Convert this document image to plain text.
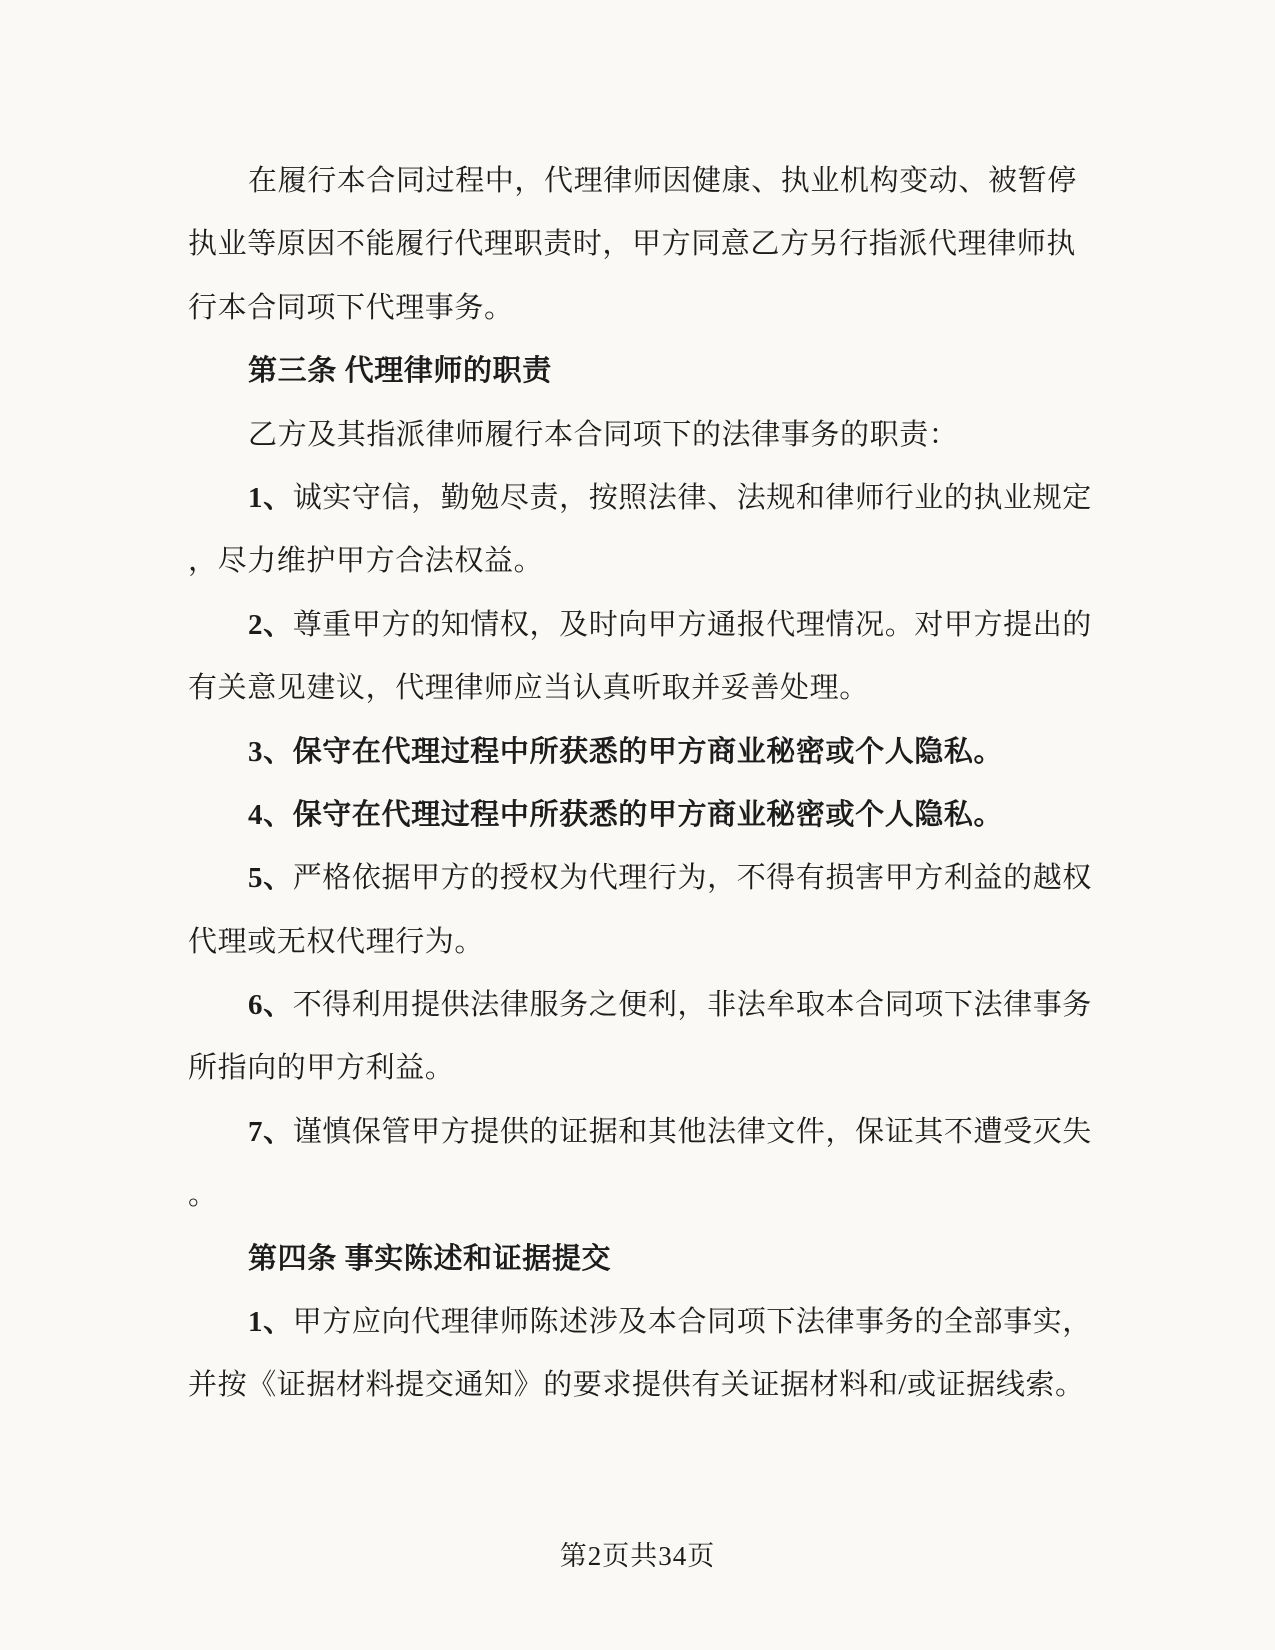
在履行本合同过程中，代理律师因健康、执业机构变动、被暂停
执业等原因不能履行代理职责时，甲方同意乙方另行指派代理律师执
行本合同项下代理事务。
第三条 代理律师的职责
乙方及其指派律师履行本合同项下的法律事务的职责：
1、诚实守信，勤勉尽责，按照法律、法规和律师行业的执业规定
，尽力维护甲方合法权益。
2、尊重甲方的知情权，及时向甲方通报代理情况。对甲方提出的
有关意见建议，代理律师应当认真听取并妥善处理。
3、保守在代理过程中所获悉的甲方商业秘密或个人隐私。
4、保守在代理过程中所获悉的甲方商业秘密或个人隐私。
5、严格依据甲方的授权为代理行为，不得有损害甲方利益的越权
代理或无权代理行为。
6、不得利用提供法律服务之便利，非法牟取本合同项下法律事务
所指向的甲方利益。
7、谨慎保管甲方提供的证据和其他法律文件，保证其不遭受灭失
。
第四条 事实陈述和证据提交
1、甲方应向代理律师陈述涉及本合同项下法律事务的全部事实，
并按《证据材料提交通知》的要求提供有关证据材料和/或证据线索。
第2页共34页
